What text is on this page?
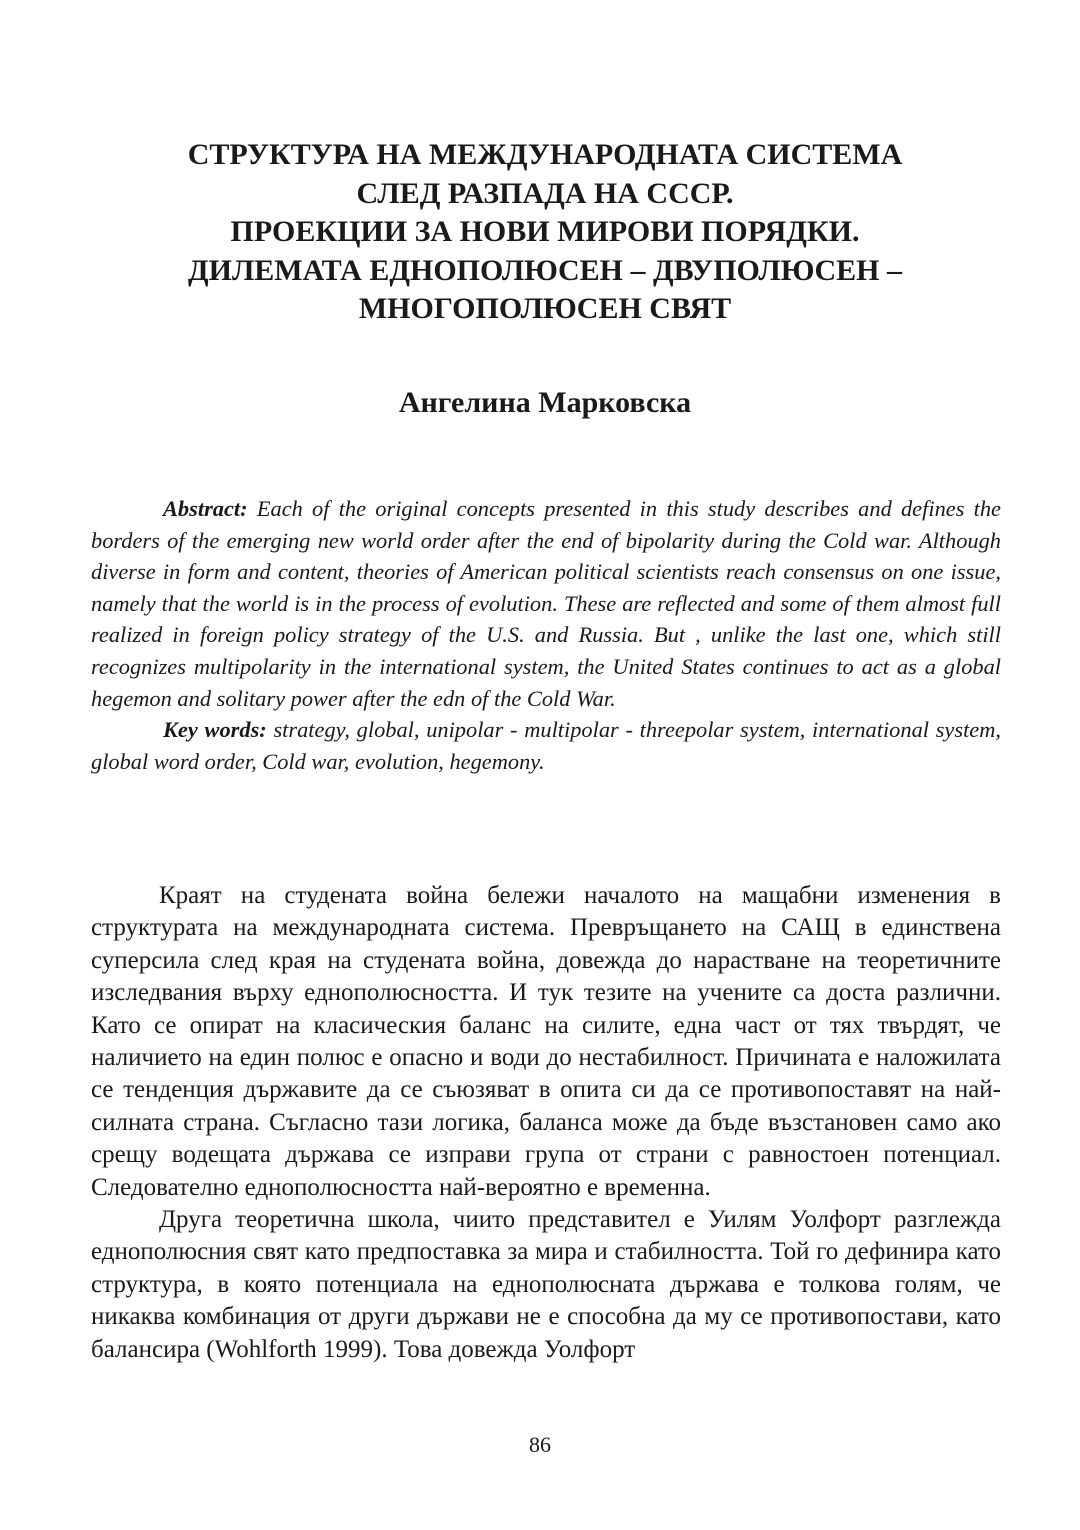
СТРУКТУРА НА МЕЖДУНАРОДНАТА СИСТЕМА
СЛЕД РАЗПАДА НА СССР.
ПРОЕКЦИИ ЗА НОВИ МИРОВИ ПОРЯДКИ.
ДИЛЕМАТА ЕДНОПОЛЮСЕН – ДВУПОЛЮСЕН –
МНОГОПОЛЮСЕН СВЯТ
Ангелина Марковска

Abstract: Each of the original concepts presented in this study describes and defines the borders of the emerging new world order after the end of bipolarity during the Cold war. Although diverse in form and content, theories of American political scientists reach consensus on one issue, namely that the world is in the process of evolution. These are reflected and some of them almost full realized in foreign policy strategy of the U.S. and Russia. But , unlike the last one, which still recognizes multipolarity in the international system, the United States continues to act as a global hegemon and solitary power after the edn of the Cold War.

Key words: strategy, global, unipolar - multipolar - threepolar system, international system, global word order, Cold war, evolution, hegemony.

Краят на студената война бележи началото на мащабни изменения в структурата на международната система. Превръщането на САЩ в единствена суперсила след края на студената война, довежда до нарастване на теоретичните изследвания върху еднополюсността. И тук тезите на учените са доста различни. Като се опират на класическия баланс на силите, една част от тях твърдят, че наличието на един полюс е опасно и води до нестабилност. Причината е наложилата се тенденция държавите да се съюзяват в опита си да се противопоставят на най-силната страна. Съгласно тази логика, баланса може да бъде възстановен само ако срещу водещата държава се изправи група от страни с равностоен потенциал. Следователно еднополюсността най-вероятно е временна.

Друга теоретична школа, чиито представител е Уилям Уолфорт разглежда еднополюсния свят като предпоставка за мира и стабилността. Той го дефинира като структура, в която потенциала на еднополюсната държава е толкова голям, че никаква комбинация от други държави не е способна да му се противопостави, като балансира (Wohlforth 1999). Това довежда Уолфорт

86
